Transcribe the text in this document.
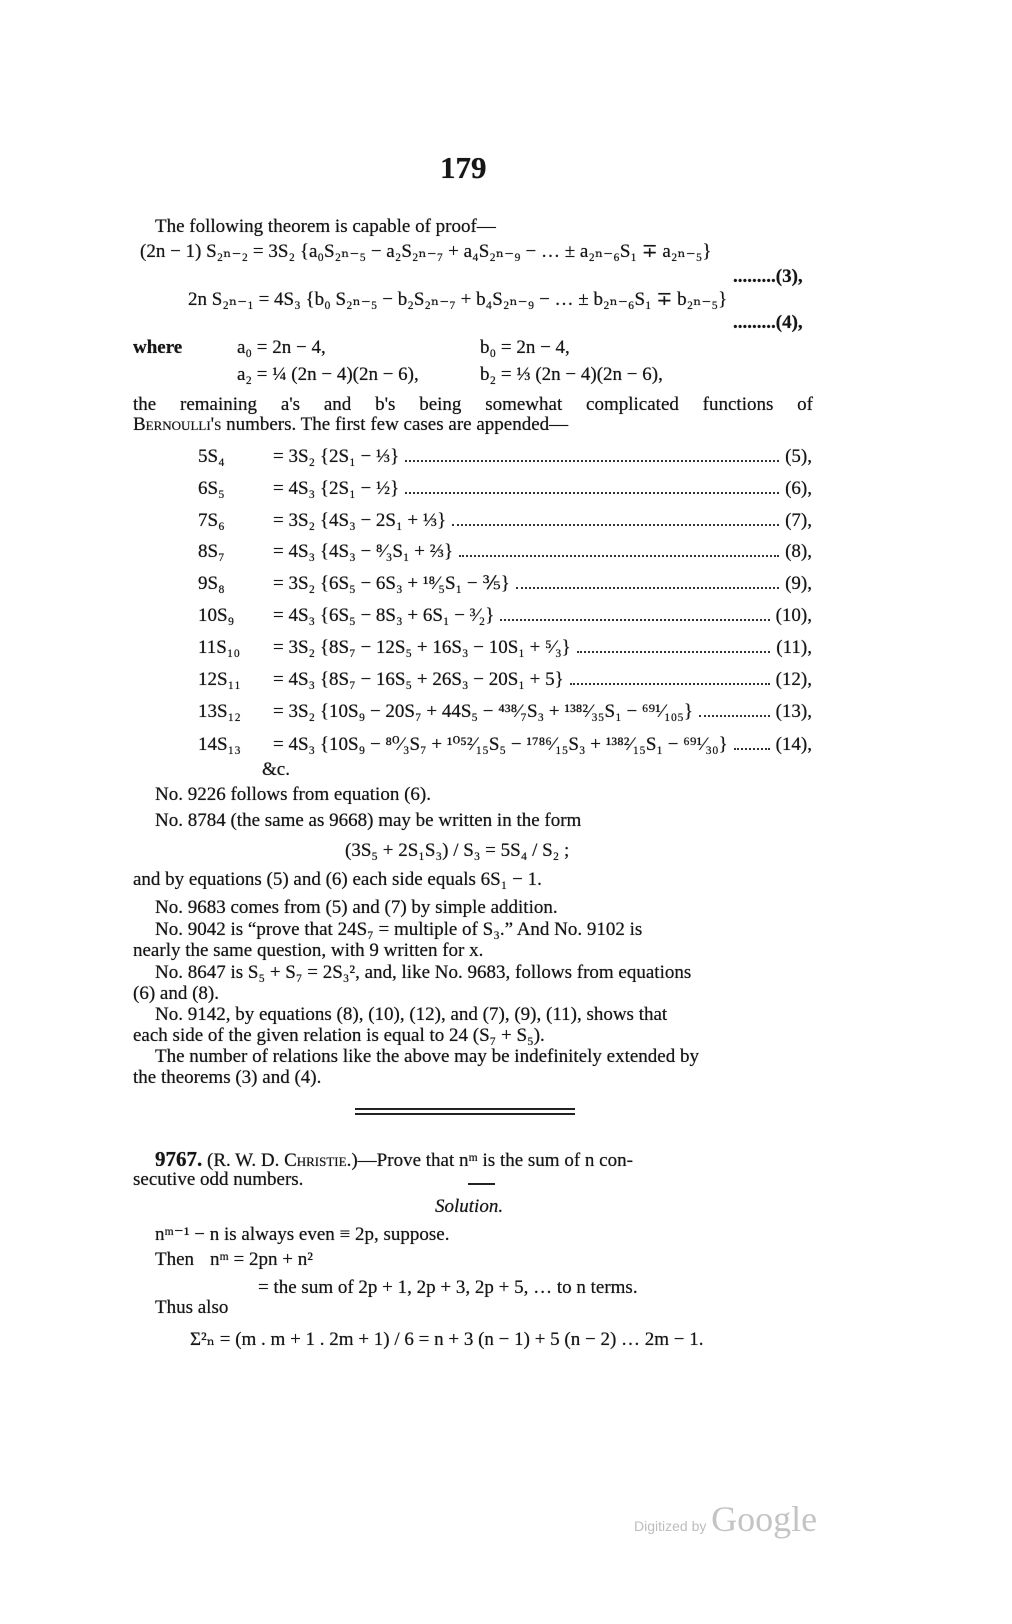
179
The following theorem is capable of proof—
(2n − 1) S₂ₙ₋₂ = 3S₂ {a₀S₂ₙ₋₅ − a₂S₂ₙ₋₇ + a₄S₂ₙ₋₉ − … ± a₂ₙ₋₆S₁ ∓ a₂ₙ₋₅}
.........(3),
2n S₂ₙ₋₁ = 4S₃ {b₀ S₂ₙ₋₅ − b₂S₂ₙ₋₇ + b₄S₂ₙ₋₉ − … ± b₂ₙ₋₆S₁ ∓ b₂ₙ₋₅}
.........(4),
where	a₀ = 2n − 4,	b₀ = 2n − 4,
a₂ = ¼ (2n − 4)(2n − 6),	b₂ = ⅓ (2n − 4)(2n − 6),
the remaining a's and b's being somewhat complicated functions of
Bernoulli's numbers. The first few cases are appended—
5S₄	= 3S₂ {2S₁ − ⅓}	(5),
6S₅	= 4S₃ {2S₁ − ½}	(6),
7S₆	= 3S₂ {4S₃ − 2S₁ + ⅓}	(7),
8S₇	= 4S₃ {4S₃ − ⁸⁄₃S₁ + ⅔}	(8),
9S₈	= 3S₂ {6S₅ − 6S₃ + ¹⁸⁄₅S₁ − ⅗}	(9),
10S₉	= 4S₃ {6S₅ − 8S₃ + 6S₁ − ³⁄₂}	(10),
11S₁₀	= 3S₂ {8S₇ − 12S₅ + 16S₃ − 10S₁ + ⁵⁄₃}	(11),
12S₁₁	= 4S₃ {8S₇ − 16S₅ + 26S₃ − 20S₁ + 5}	(12),
13S₁₂	= 3S₂ {10S₉ − 20S₇ + 44S₅ − ⁴³⁸⁄₇S₃ + ¹³⁸²⁄₃₅S₁ − ⁶⁹¹⁄₁₀₅}	(13),
14S₁₃	= 4S₃ {10S₉ − ⁸⁰⁄₃S₇ + ¹⁰⁵²⁄₁₅S₅ − ¹⁷⁸⁶⁄₁₅S₃ + ¹³⁸²⁄₁₅S₁ − ⁶⁹¹⁄₃₀}	(14),
&c.
No. 9226 follows from equation (6).
No. 8784 (the same as 9668) may be written in the form
(3S₅ + 2S₁S₃) / S₃ = 5S₄ / S₂ ;
and by equations (5) and (6) each side equals 6S₁ − 1.
No. 9683 comes from (5) and (7) by simple addition.
No. 9042 is “prove that 24S₇ = multiple of S₃.” And No. 9102 is
nearly the same question, with 9 written for x.
No. 8647 is S₅ + S₇ = 2S₃², and, like No. 9683, follows from equations
(6) and (8).
No. 9142, by equations (8), (10), (12), and (7), (9), (11), shows that
each side of the given relation is equal to 24 (S₇ + S₅).
The number of relations like the above may be indefinitely extended by
the theorems (3) and (4).
9767. (R. W. D. Christie.)—Prove that nᵐ is the sum of n con-
secutive odd numbers.
Solution.
nᵐ⁻¹ − n is always even ≡ 2p, suppose.
Then nᵐ = 2pn + n²
= the sum of 2p + 1, 2p + 3, 2p + 5, … to n terms.
Thus also
Σ²ₙ = (m . m + 1 . 2m + 1) / 6 = n + 3 (n − 1) + 5 (n − 2) … 2m − 1.
Digitized by Google
